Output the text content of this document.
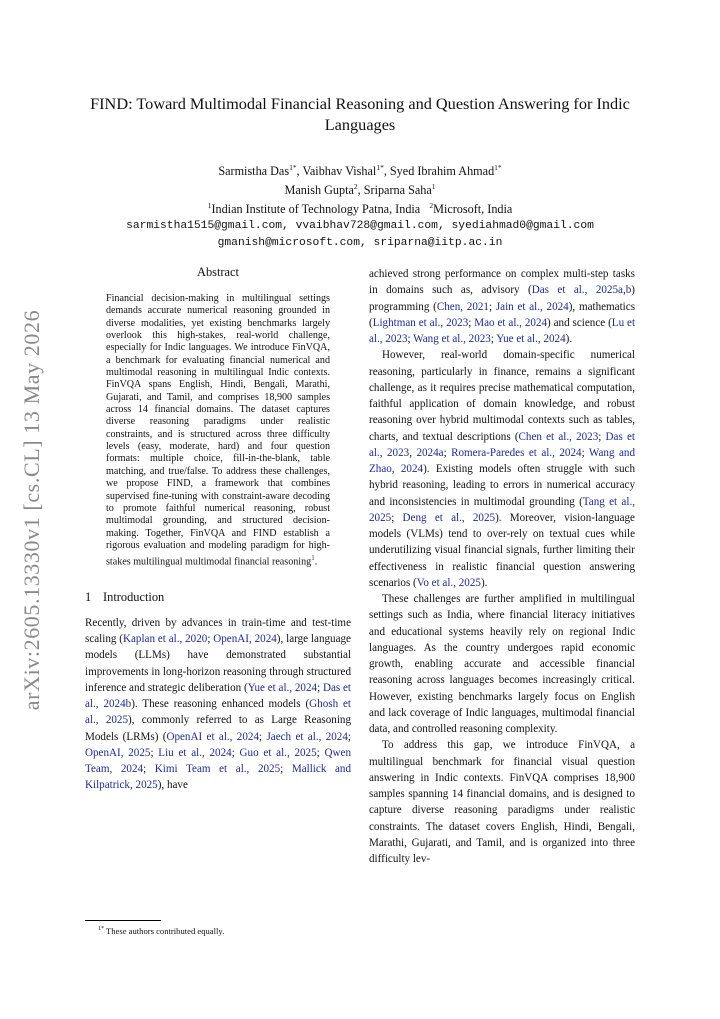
arXiv:2605.13330v1 [cs.CL] 13 May 2026
FIND: Toward Multimodal Financial Reasoning and Question Answering for Indic Languages
Sarmistha Das$^{1*}$, Vaibhav Vishal$^{1*}$, Syed Ibrahim Ahmad$^{1*}$
Manish Gupta$^2$, Sriparna Saha$^1$
$^1$Indian Institute of Technology Patna, India $^2$Microsoft, India
sarmistha1515@gmail.com, vvaibhav728@gmail.com, syediahmad0@gmail.com
gmanish@microsoft.com, sriparna@iitp.ac.in
Abstract

Financial decision-making in multilingual settings demands accurate numerical reasoning grounded in diverse modalities, yet existing benchmarks largely overlook this high-stakes, real-world challenge, especially for Indic languages. We introduce FinVQA, a benchmark for evaluating financial numerical and multimodal reasoning in multilingual Indic contexts. FinVQA spans English, Hindi, Bengali, Marathi, Gujarati, and Tamil, and comprises 18,900 samples across 14 financial domains. The dataset captures diverse reasoning paradigms under realistic constraints, and is structured across three difficulty levels (easy, moderate, hard) and four question formats: multiple choice, fill-in-the-blank, table matching, and true/false. To address these challenges, we propose FIND, a framework that combines supervised fine-tuning with constraint-aware decoding to promote faithful numerical reasoning, robust multimodal grounding, and structured decision-making. Together, FinVQA and FIND establish a rigorous evaluation and modeling paradigm for high-stakes multilingual multimodal financial reasoning$^1$.

1 Introduction

Recently, driven by advances in train-time and test-time scaling (Kaplan et al., 2020; OpenAI, 2024), large language models (LLMs) have demonstrated substantial improvements in long-horizon reasoning through structured inference and strategic deliberation (Yue et al., 2024; Das et al., 2024b). These reasoning enhanced models (Ghosh et al., 2025), commonly referred to as Large Reasoning Models (LRMs) (OpenAI et al., 2024; Jaech et al., 2024; OpenAI, 2025; Liu et al., 2024; Guo et al., 2025; Qwen Team, 2024; Kimi Team et al., 2025; Mallick and Kilpatrick, 2025), have

achieved strong performance on complex multi-step tasks in domains such as, advisory (Das et al., 2025a,b) programming (Chen, 2021; Jain et al., 2024), mathematics (Lightman et al., 2023; Mao et al., 2024) and science (Lu et al., 2023; Wang et al., 2023; Yue et al., 2024).

However, real-world domain-specific numerical reasoning, particularly in finance, remains a significant challenge, as it requires precise mathematical computation, faithful application of domain knowledge, and robust reasoning over hybrid multimodal contexts such as tables, charts, and textual descriptions (Chen et al., 2023; Das et al., 2023, 2024a; Romera-Paredes et al., 2024; Wang and Zhao, 2024). Existing models often struggle with such hybrid reasoning, leading to errors in numerical accuracy and inconsistencies in multimodal grounding (Tang et al., 2025; Deng et al., 2025). Moreover, vision-language models (VLMs) tend to over-rely on textual cues while underutilizing visual financial signals, further limiting their effectiveness in realistic financial question answering scenarios (Vo et al., 2025).

These challenges are further amplified in multilingual settings such as India, where financial literacy initiatives and educational systems heavily rely on regional Indic languages. As the country undergoes rapid economic growth, enabling accurate and accessible financial reasoning across languages becomes increasingly critical. However, existing benchmarks largely focus on English and lack coverage of Indic languages, multimodal financial data, and controlled reasoning complexity.

To address this gap, we introduce FinVQA, a multilingual benchmark for financial visual question answering in Indic contexts. FinVQA comprises 18,900 samples spanning 14 financial domains, and is designed to capture diverse reasoning paradigms under realistic constraints. The dataset covers English, Hindi, Bengali, Marathi, Gujarati, and Tamil, and is organized into three difficulty lev-

$^{1*}$ These authors contributed equally.
